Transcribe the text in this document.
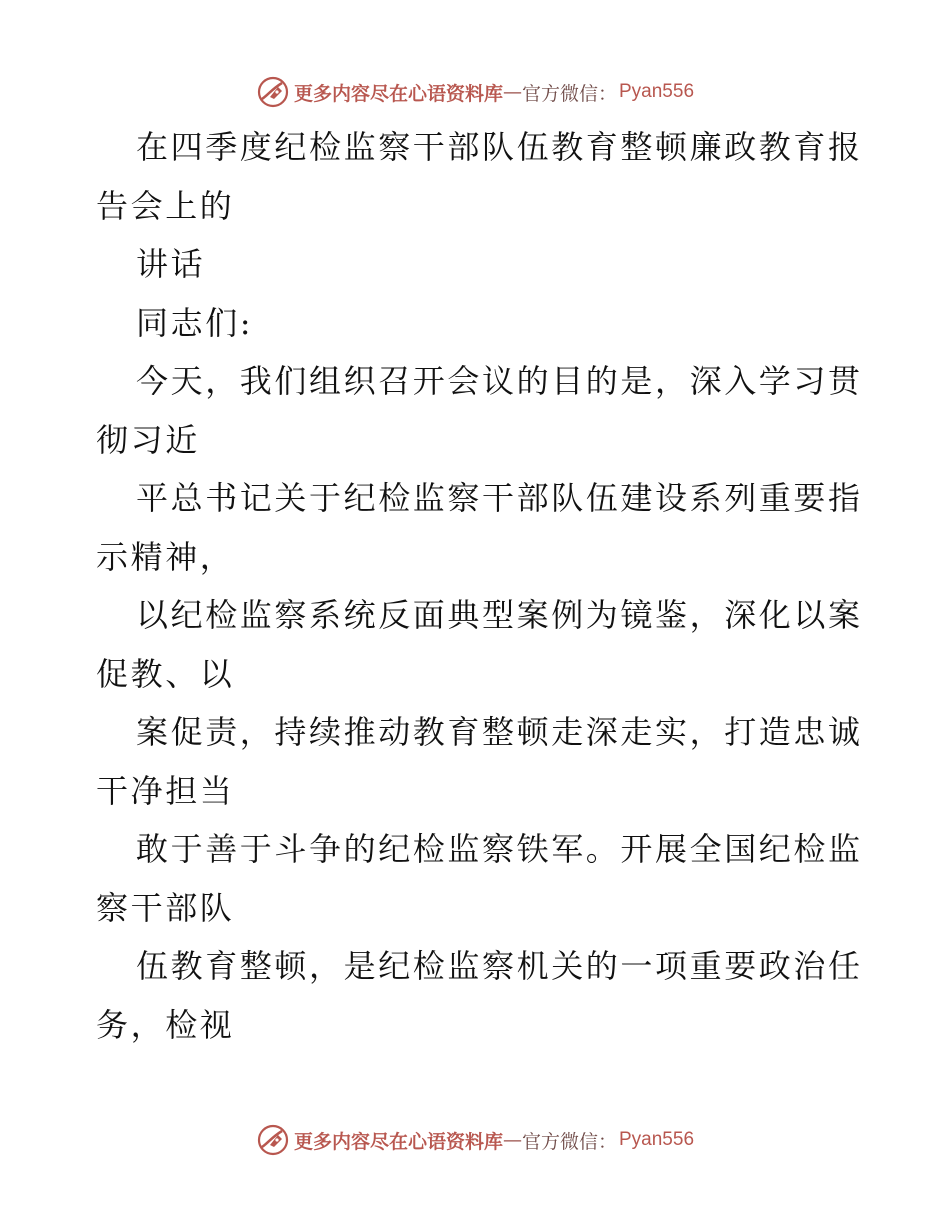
更多内容尽在心语资料库 — 官方微信： Pyan556
在四季度纪检监察干部队伍教育整顿廉政教育报
告会上的
讲话
同志们:
今天，我们组织召开会议的目的是，深入学习贯
彻习近
平总书记关于纪检监察干部队伍建设系列重要指
示精神，
以纪检监察系统反面典型案例为镜鉴，深化以案
促教、以
案促责，持续推动教育整顿走深走实，打造忠诚
干净担当
敢于善于斗争的纪检监察铁军。开展全国纪检监
察干部队
伍教育整顿，是纪检监察机关的一项重要政治任
务，检视
更多内容尽在心语资料库 — 官方微信： Pyan556
